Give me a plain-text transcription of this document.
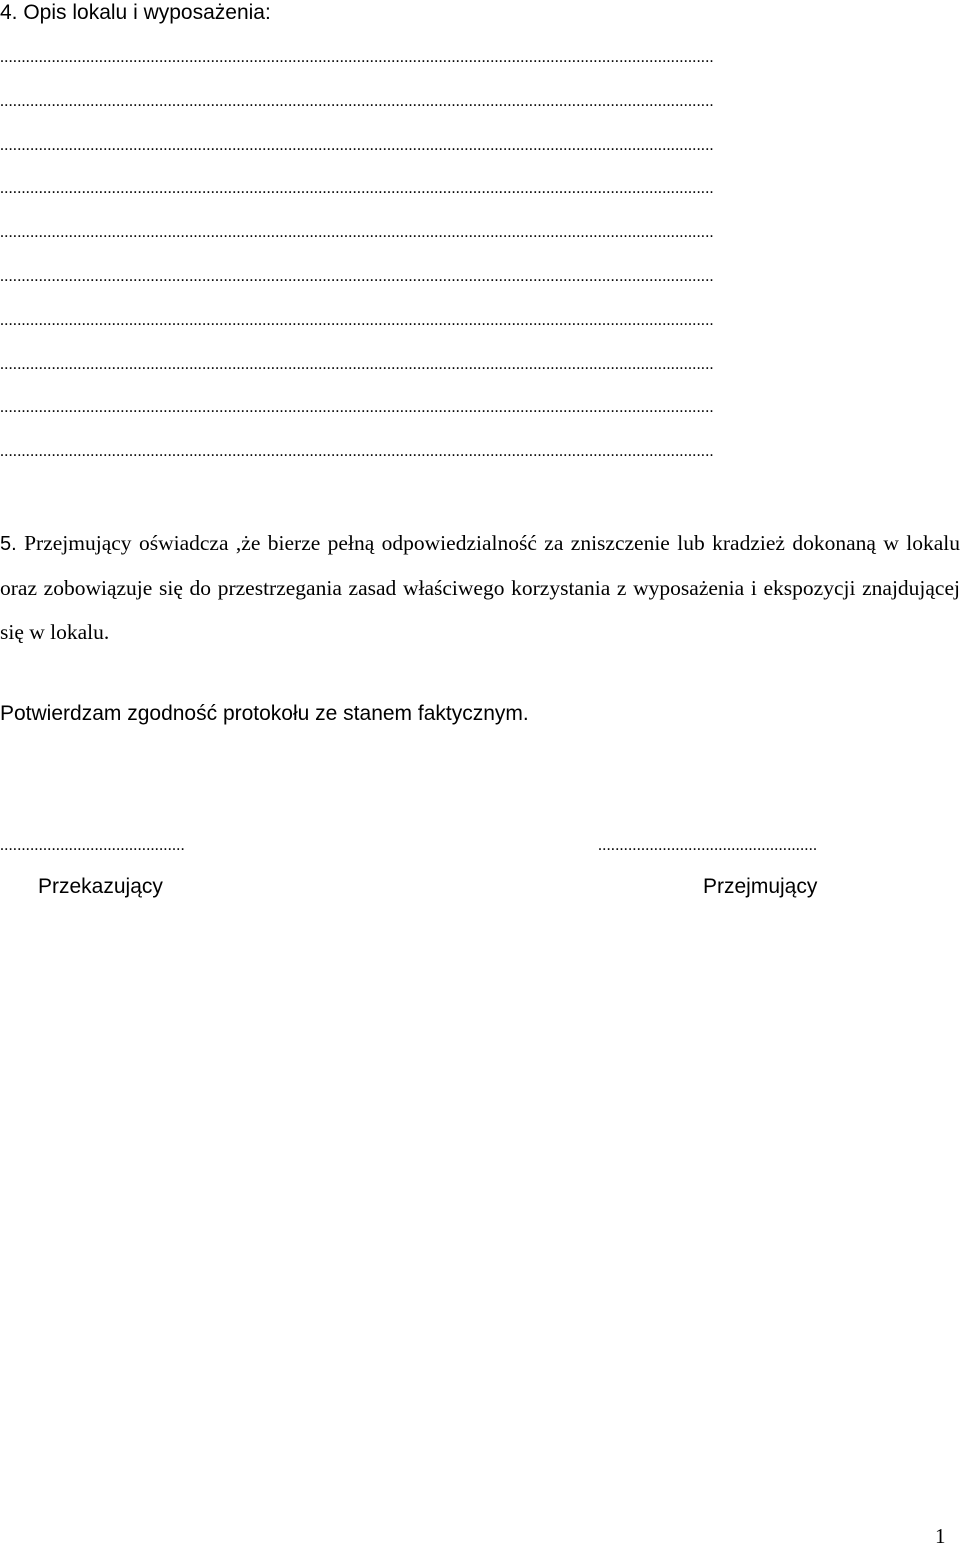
4. Opis lokalu i wyposażenia:
......................................................................................................................................................................
......................................................................................................................................................................
......................................................................................................................................................................
......................................................................................................................................................................
......................................................................................................................................................................
......................................................................................................................................................................
......................................................................................................................................................................
......................................................................................................................................................................
......................................................................................................................................................................
......................................................................................................................................................................
5. Przejmujący oświadcza ,że bierze pełną odpowiedzialność za zniszczenie lub kradzież dokonaną w lokalu oraz zobowiązuje się do przestrzegania zasad właściwego korzystania z wyposażenia i ekspozycji znajdującej się w lokalu.
Potwierdzam zgodność protokołu ze stanem faktycznym.
...........................................	...................................................
Przekazujący	Przejmujący
1
